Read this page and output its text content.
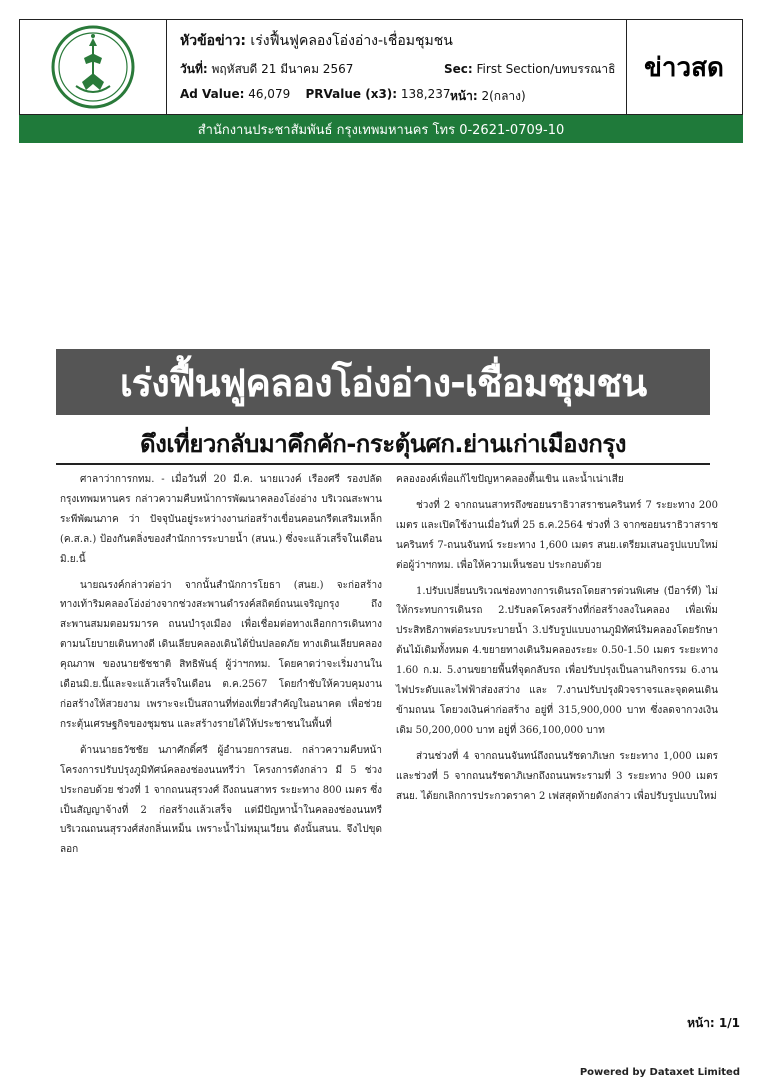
หัวข้อข่าว: เร่งฟื้นฟูคลองโอ่งอ่าง-เชื่อมชุมชน
วันที่: พฤหัสบดี 21 มีนาคม 2567	Sec: First Section/บทบรรณาธิ
Ad Value: 46,079 PRValue (x3): 138,237 หน้า: 2(กลาง)
ข่าวสด
สำนักงานประชาสัมพันธ์ กรุงเทพมหานคร โทร 0-2621-0709-10
เร่งฟื้นฟูคลองโอ่งอ่าง-เชื่อมชุมชน
ดึงเที่ยวกลับมาคึกคัก-กระตุ้นศก.ย่านเก่าเมืองกรุง

ศาลาว่าการกทม. - เมื่อวันที่ 20 มี.ค. นายแวงค์ เรืองศรี รองปลัดกรุงเทพมหานคร กล่าวความคืบหน้าการพัฒนาคลองโอ่งอ่าง บริเวณสะพานระพีพัฒนภาค ว่า ปัจจุบันอยู่ระหว่างงานก่อสร้างเขื่อนคอนกรีตเสริมเหล็ก (ค.ส.ล.) ป้องกันตลิ่งของสำนักการระบายน้ำ (สนน.) ซึ่งจะแล้วเสร็จในเดือนมิ.ย.นี้

นายณรงค์กล่าวต่อว่า จากนั้นสำนักการโยธา (สนย.) จะก่อสร้างทางเท้าริมคลองโอ่งอ่างจากช่วงสะพานดำรงค์สถิตย์ถนนเจริญกรุง ถึงสะพานสมมตอมรมารค ถนนบำรุงเมือง เพื่อเชื่อมต่อทางเลือกการเดินทางตามนโยบายเดินทางดี เดินเลียบคลองเดินได้ปั่นปลอดภัย ทางเดินเลียบคลองคุณภาพ ของนายชัชชาติ สิทธิพันธุ์ ผู้ว่าฯกทม. โดยคาดว่าจะเริ่มงานในเดือนมิ.ย.นี้และจะแล้วเสร็จในเดือน ต.ค.2567 โดยกำชับให้ควบคุมงานก่อสร้างให้สวยงาม เพราะจะเป็นสถานที่ท่องเที่ยวสำคัญในอนาคต เพื่อช่วยกระตุ้นเศรษฐกิจของชุมชน และสร้างรายได้ให้ประชาชนในพื้นที่

ด้านนายธวัชชัย นภาศักดิ์ศรี ผู้อำนวยการสนย. กล่าวความคืบหน้าโครงการปรับปรุงภูมิทัศน์คลองช่องนนทรีว่า โครงการดังกล่าว มี 5 ช่วง ประกอบด้วย ช่วงที่ 1 จากถนนสุรวงศ์ ถึงถนนสาทร ระยะทาง 800 เมตร ซึ่งเป็นสัญญาจ้างที่ 2 ก่อสร้างแล้วเสร็จ แต่มีปัญหาน้ำในคลองช่องนนทรี บริเวณถนนสุรวงศ์ส่งกลิ่นเหม็น เพราะน้ำไม่หมุนเวียน ดังนั้นสนน. จึงไปขุดลอก

คลององค์เพื่อแก้ไขปัญหาคลองตื้นเขิน และน้ำเน่าเสีย

ช่วงที่ 2 จากถนนสาทรถึงซอยนราธิวาสราชนครินทร์ 7 ระยะทาง 200 เมตร และเปิดใช้งานเมื่อวันที่ 25 ธ.ค.2564 ช่วงที่ 3 จากซอยนราธิวาสราชนครินทร์ 7-ถนนจันทน์ ระยะทาง 1,600 เมตร สนย.เตรียมเสนอรูปแบบใหม่ต่อผู้ว่าฯกทม. เพื่อให้ความเห็นชอบ ประกอบด้วย

1.ปรับเปลี่ยนบริเวณช่องทางการเดินรถโดยสารด่วนพิเศษ (บีอาร์ที) ไม่ให้กระทบการเดินรถ 2.ปรับลดโครงสร้างที่ก่อสร้างลงในคลอง เพื่อเพิ่มประสิทธิภาพต่อระบบระบายน้ำ 3.ปรับรูปแบบงานภูมิทัศน์ริมคลองโดยรักษาต้นไม้เดิมทั้งหมด 4.ขยายทางเดินริมคลองระยะ 0.50-1.50 เมตร ระยะทาง 1.60 ก.ม. 5.งานขยายพื้นที่จุดกลับรถ เพื่อปรับปรุงเป็นลานกิจกรรม 6.งานไฟประดับและไฟฟ้าส่องสว่าง และ 7.งานปรับปรุงผิวจราจรและจุดคนเดินข้ามถนน โดยวงเงินค่าก่อสร้าง อยู่ที่ 315,900,000 บาท ซึ่งลดจากวงเงินเดิม 50,200,000 บาท อยู่ที่ 366,100,000 บาท

ส่วนช่วงที่ 4 จากถนนจันทน์ถึงถนนรัชดาภิเษก ระยะทาง 1,000 เมตร และช่วงที่ 5 จากถนนรัชดาภิเษกถึงถนนพระรามที่ 3 ระยะทาง 900 เมตร สนย. ได้ยกเลิกการประกวดราคา 2 เฟสสุดท้ายดังกล่าว เพื่อปรับรูปแบบใหม่

หน้า: 1/1
Powered by Dataxet Limited
